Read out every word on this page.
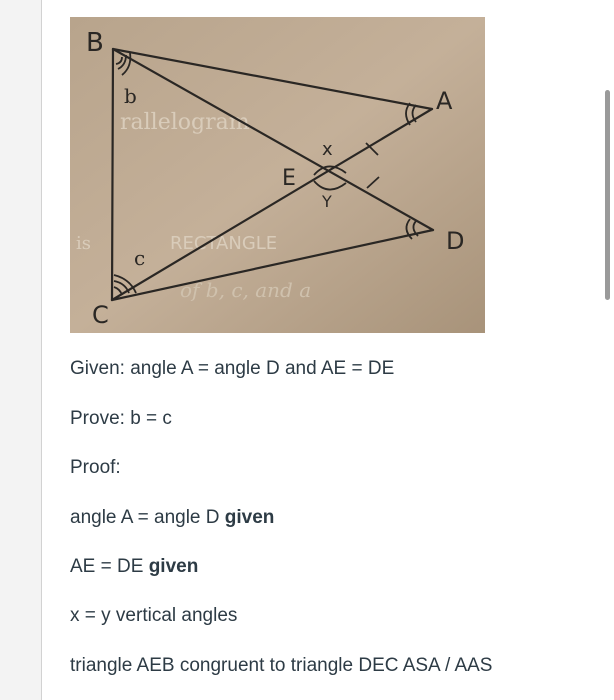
rallelogram
is	RECTANGLE
of b, c, and a
B
A
E
D
C
b
c
x
Y

Given: angle A = angle D and AE = DE

Prove: b = c

Proof:

angle A = angle D given

AE = DE given

x = y vertical angles

triangle AEB congruent to triangle DEC ASA / AAS
